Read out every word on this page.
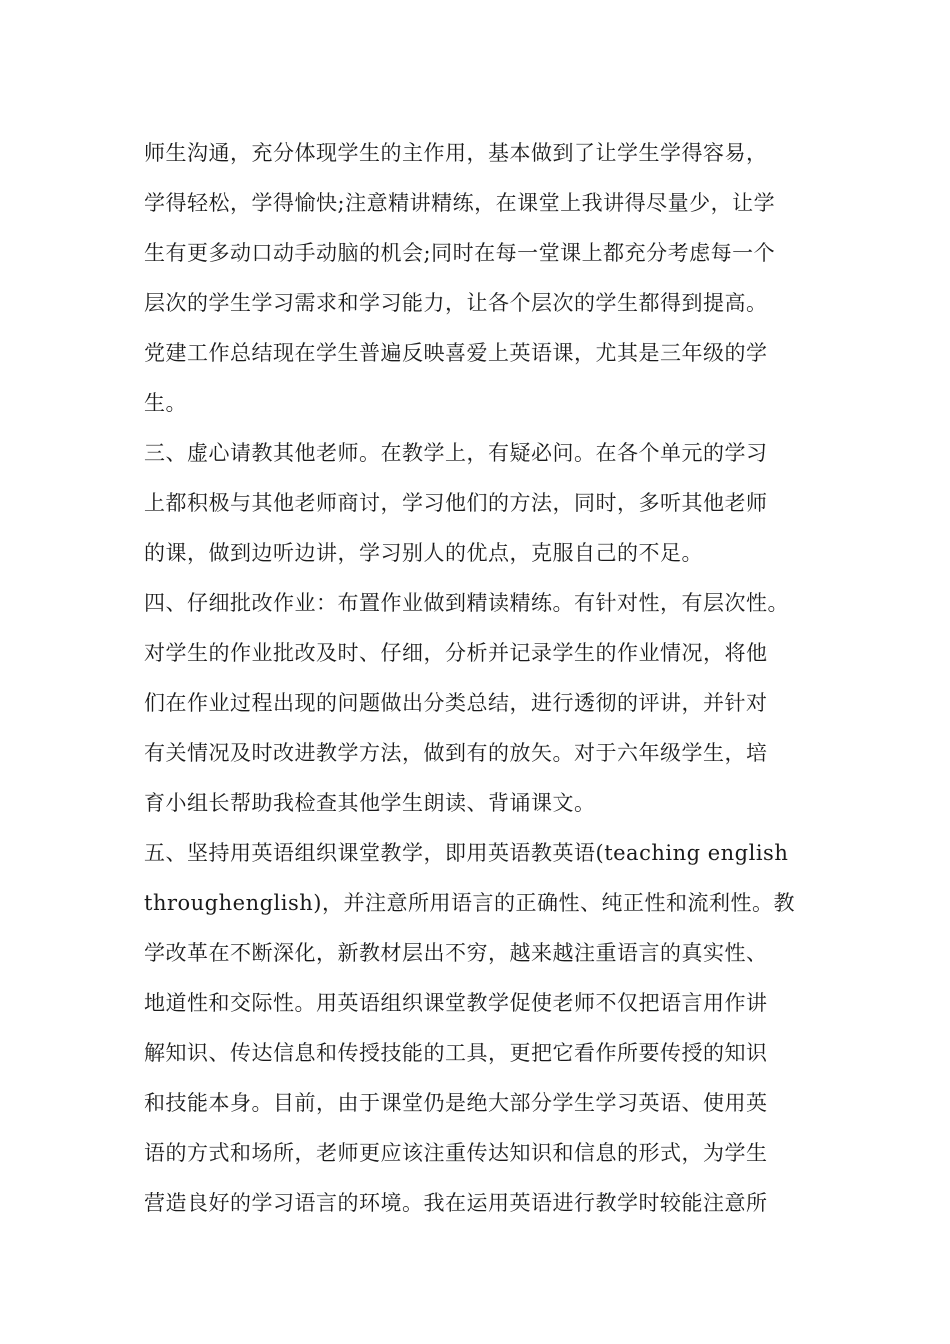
师生沟通，充分体现学生的主作用，基本做到了让学生学得容易，
学得轻松，学得愉快;注意精讲精练，在课堂上我讲得尽量少，让学
生有更多动口动手动脑的机会;同时在每一堂课上都充分考虑每一个
层次的学生学习需求和学习能力，让各个层次的学生都得到提高。
党建工作总结现在学生普遍反映喜爱上英语课，尤其是三年级的学
生。
三、虚心请教其他老师。在教学上，有疑必问。在各个单元的学习
上都积极与其他老师商讨，学习他们的方法，同时，多听其他老师
的课，做到边听边讲，学习别人的优点，克服自己的不足。
四、仔细批改作业：布置作业做到精读精练。有针对性，有层次性。
对学生的作业批改及时、仔细，分析并记录学生的作业情况，将他
们在作业过程出现的问题做出分类总结，进行透彻的评讲，并针对
有关情况及时改进教学方法，做到有的放矢。对于六年级学生，培
育小组长帮助我检查其他学生朗读、背诵课文。
五、坚持用英语组织课堂教学，即用英语教英语(teaching english
throughenglish)，并注意所用语言的正确性、纯正性和流利性。教
学改革在不断深化，新教材层出不穷，越来越注重语言的真实性、
地道性和交际性。用英语组织课堂教学促使老师不仅把语言用作讲
解知识、传达信息和传授技能的工具，更把它看作所要传授的知识
和技能本身。目前，由于课堂仍是绝大部分学生学习英语、使用英
语的方式和场所，老师更应该注重传达知识和信息的形式，为学生
营造良好的学习语言的环境。我在运用英语进行教学时较能注意所
